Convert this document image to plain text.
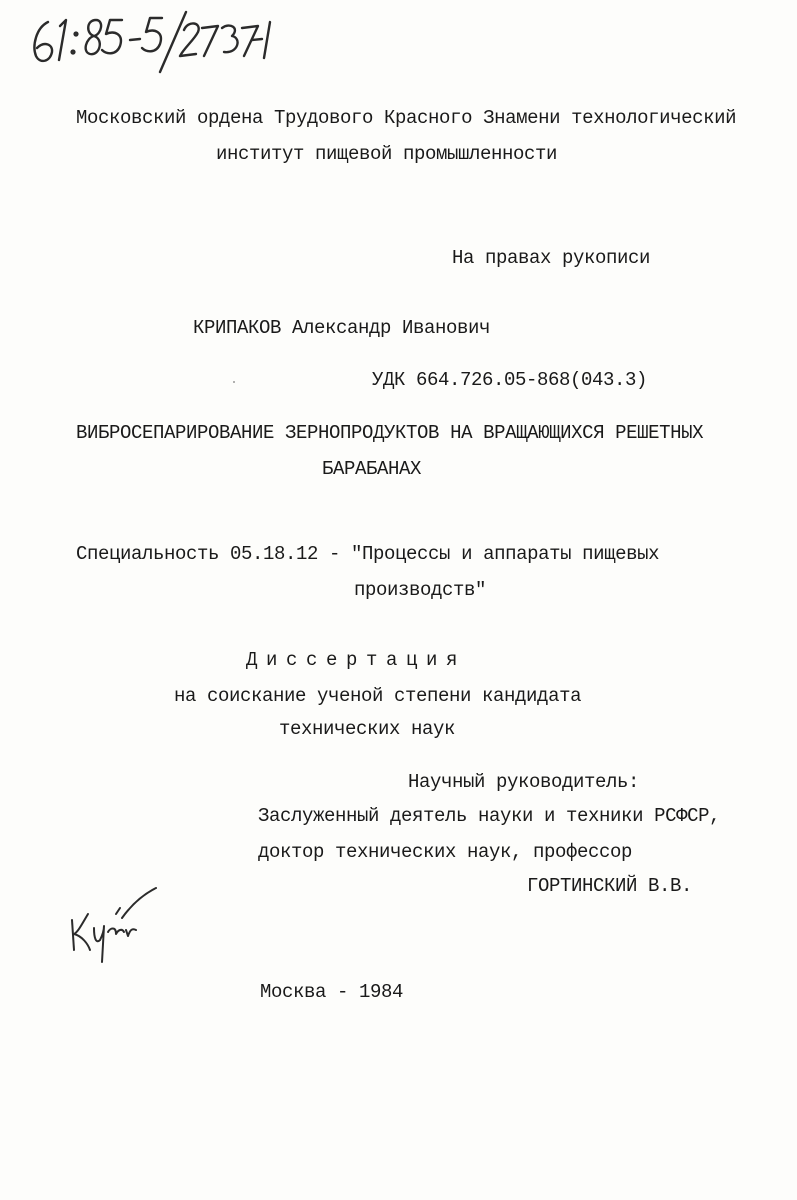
Московский ордена Трудового Красного Знамени технологический
институт пищевой промышленности
На правах рукописи
КРИПАКОВ Александр Иванович
УДК 664.726.05-868(043.3)
ВИБРОСЕПАРИРОВАНИЕ ЗЕРНОПРОДУКТОВ НА ВРАЩАЮЩИХСЯ РЕШЕТНЫХ
БАРАБАНАХ
Специальность 05.18.12 - "Процессы и аппараты пищевых
производств"
Диссертация
на соискание ученой степени кандидата
технических наук
Научный руководитель:
Заслуженный деятель науки и техники РСФСР,
доктор технических наук, профессор
ГОРТИНСКИЙ В.В.
Москва - 1984
